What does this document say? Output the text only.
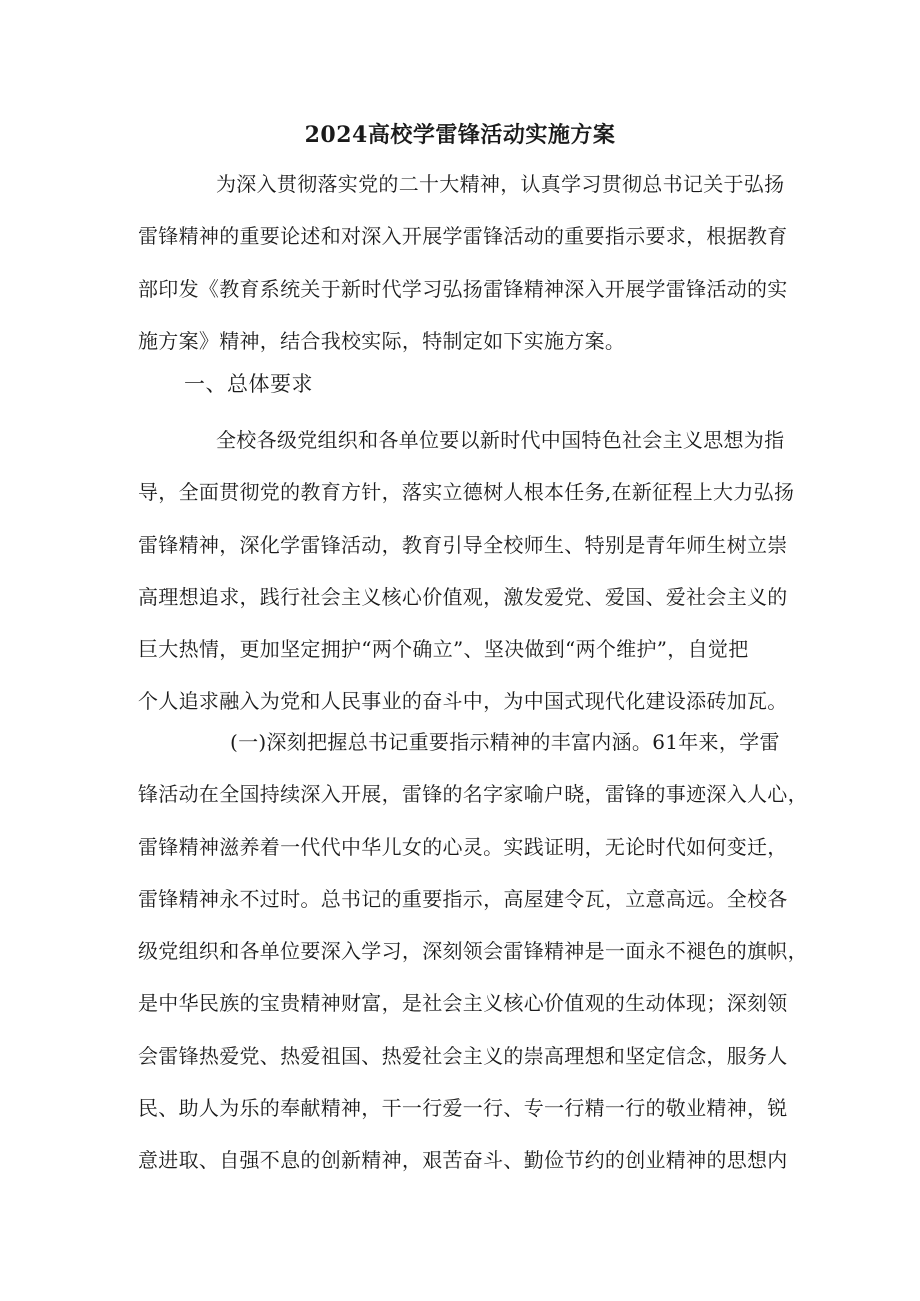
2024高校学雷锋活动实施方案

为深入贯彻落实党的二十大精神，认真学习贯彻总书记关于弘扬

雷锋精神的重要论述和对深入开展学雷锋活动的重要指示要求，根据教育

部印发《教育系统关于新时代学习弘扬雷锋精神深入开展学雷锋活动的实

施方案》精神，结合我校实际，特制定如下实施方案。

一、总体要求

全校各级党组织和各单位要以新时代中国特色社会主义思想为指

导，全面贯彻党的教育方针，落实立德树人根本任务,在新征程上大力弘扬

雷锋精神，深化学雷锋活动，教育引导全校师生、特别是青年师生树立崇

高理想追求，践行社会主义核心价值观，激发爱党、爱国、爱社会主义的

巨大热情，更加坚定拥护“两个确立”、坚决做到“两个维护”，自觉把

个人追求融入为党和人民事业的奋斗中，为中国式现代化建设添砖加瓦。

(一)深刻把握总书记重要指示精神的丰富内涵。61年来，学雷

锋活动在全国持续深入开展，雷锋的名字家喻户晓，雷锋的事迹深入人心，

雷锋精神滋养着一代代中华儿女的心灵。实践证明，无论时代如何变迁，

雷锋精神永不过时。总书记的重要指示，高屋建令瓦，立意高远。全校各

级党组织和各单位要深入学习，深刻领会雷锋精神是一面永不褪色的旗帜，

是中华民族的宝贵精神财富，是社会主义核心价值观的生动体现；深刻领

会雷锋热爱党、热爱祖国、热爱社会主义的崇高理想和坚定信念，服务人

民、助人为乐的奉献精神，干一行爱一行、专一行精一行的敬业精神，锐

意进取、自强不息的创新精神，艰苦奋斗、勤俭节约的创业精神的思想内
